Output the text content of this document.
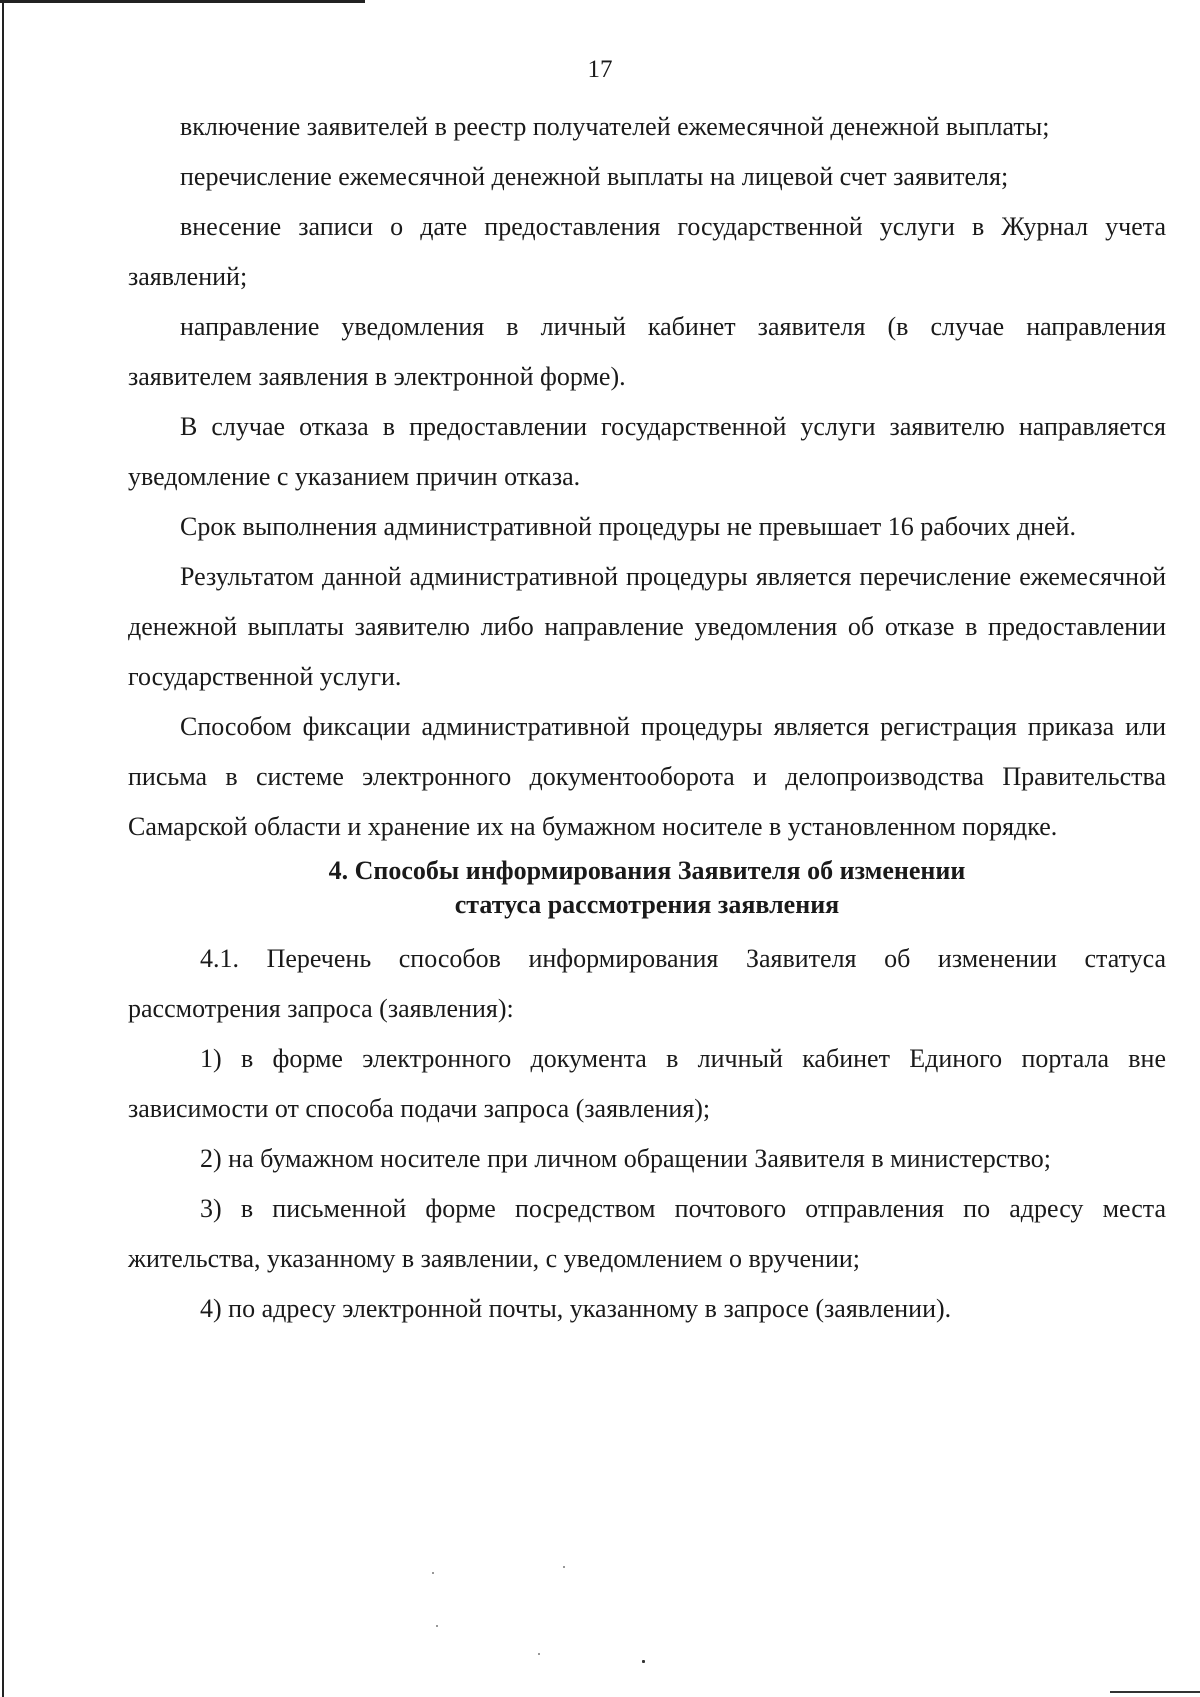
17

включение заявителей в реестр получателей ежемесячной денежной выплаты;

перечисление ежемесячной денежной выплаты на лицевой счет заявителя;

внесение записи о дате предоставления государственной услуги в Журнал учета заявлений;

направление уведомления в личный кабинет заявителя (в случае направления заявителем заявления в электронной форме).

В случае отказа в предоставлении государственной услуги заявителю направляется уведомление с указанием причин отказа.

Срок выполнения административной процедуры не превышает 16 рабочих дней.

Результатом данной административной процедуры является перечисление ежемесячной денежной выплаты заявителю либо направление уведомления об отказе в предоставлении государственной услуги.

Способом фиксации административной процедуры является регистрация приказа или письма в системе электронного документооборота и делопроизводства Правительства Самарской области и хранение их на бумажном носителе в установленном порядке.

4. Способы информирования Заявителя об изменении
статуса рассмотрения заявления

4.1. Перечень способов информирования Заявителя об изменении статуса рассмотрения запроса (заявления):

1) в форме электронного документа в личный кабинет Единого портала вне зависимости от способа подачи запроса (заявления);

2) на бумажном носителе при личном обращении Заявителя в министерство;

3) в письменной форме посредством почтового отправления по адресу места жительства, указанному в заявлении, с уведомлением о вручении;

4) по адресу электронной почты, указанному в запросе (заявлении).
